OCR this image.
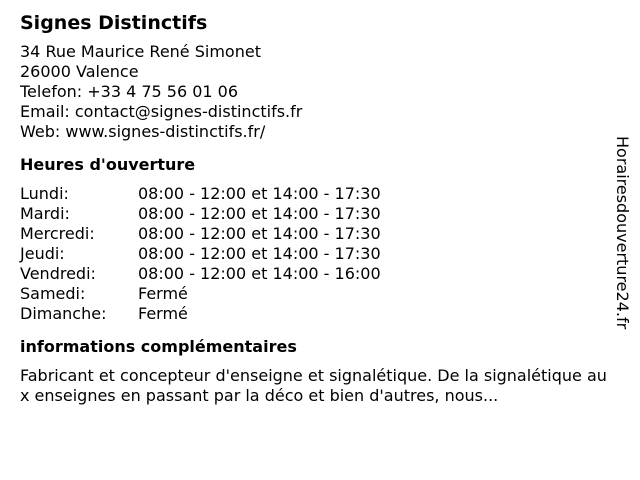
Signes Distinctifs
34 Rue Maurice René Simonet
26000 Valence
Telefon: +33 4 75 56 01 06
Email: contact@signes-distinctifs.fr
Web: www.signes-distinctifs.fr/
Heures d'ouverture
Lundi:	08:00 - 12:00 et 14:00 - 17:30
Mardi:	08:00 - 12:00 et 14:00 - 17:30
Mercredi:	08:00 - 12:00 et 14:00 - 17:30
Jeudi:	08:00 - 12:00 et 14:00 - 17:30
Vendredi:	08:00 - 12:00 et 14:00 - 16:00
Samedi:	Fermé
Dimanche:	Fermé
informations complémentaires
Fabricant et concepteur d'enseigne et signalétique. De la signalétique aux enseignes en passant par la déco et bien d'autres, nous...
Horairesdouverture24.fr
